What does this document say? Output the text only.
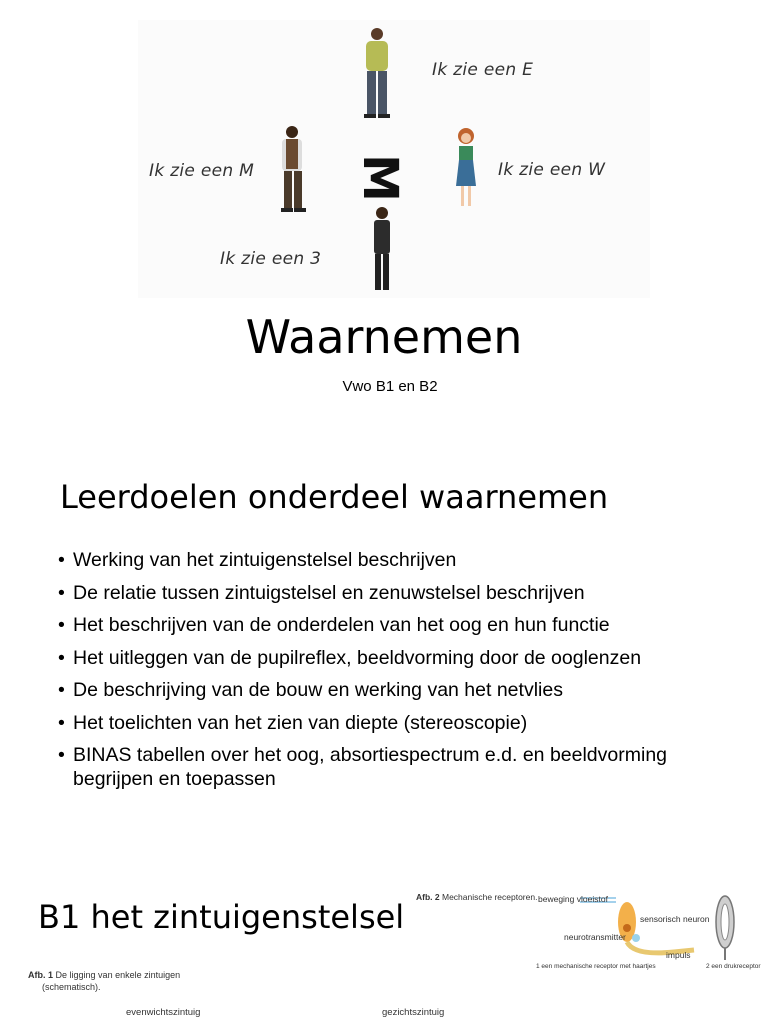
M
Ik zie een E
Ik zie een M	Ik zie een W
Ik zie een 3
Waarnemen
Vwo B1 en B2
Leerdoelen onderdeel waarnemen
• Werking van het zintuigenstelsel beschrijven
• De relatie tussen zintuigstelsel en zenuwstelsel beschrijven
• Het beschrijven van de onderdelen van het oog en hun functie
• Het uitleggen van de pupilreflex, beeldvorming door de ooglenzen
• De beschrijving van de bouw en werking van het netvlies
• Het toelichten van het zien van diepte (stereoscopie)
• BINAS tabellen over het oog, absortiespectrum e.d. en beeldvorming begrijpen en toepassen
B1 het zintuigenstelsel
Afb. 2 Mechanische receptoren. beweging vloeistof
sensorisch neuron
neurotransmitter
impuls
1 een mechanische receptor met haartjes	2 een drukreceptor
Afb. 1 De ligging van enkele zintuigen
(schematisch).
evenwichtszintuig	gezichtszintuig
